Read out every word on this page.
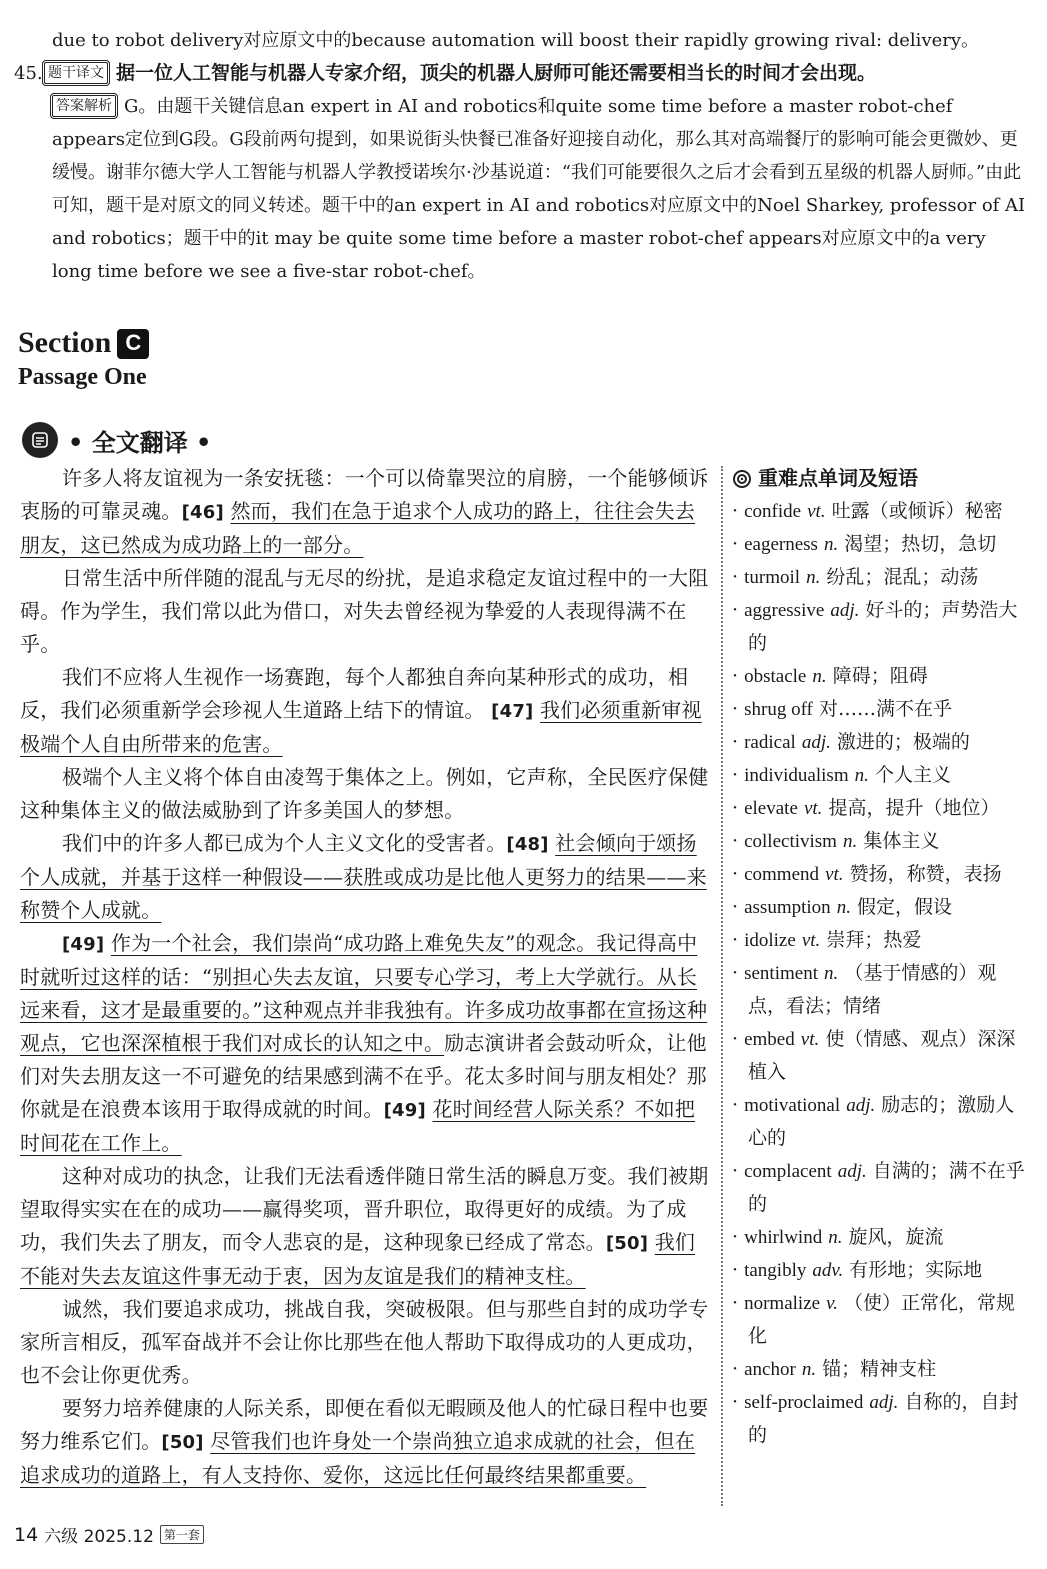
due to robot delivery对应原文中的because automation will boost their rapidly growing rival: delivery。

45. 题干译文 据一位人工智能与机器人专家介绍，顶尖的机器人厨师可能还需要相当长的时间才会出现。

答案解析 G。由题干关键信息an expert in AI and robotics和quite some time before a master robot-chef appears定位到G段。G段前两句提到，如果说街头快餐已准备好迎接自动化，那么其对高端餐厅的影响可能会更微妙、更缓慢。谢菲尔德大学人工智能与机器人学教授诺埃尔·沙基说道：“我们可能要很久之后才会看到五星级的机器人厨师。”由此可知，题干是对原文的同义转述。题干中的an expert in AI and robotics对应原文中的Noel Sharkey, professor of AI and robotics；题干中的it may be quite some time before a master robot-chef appears对应原文中的a very long time before we see a five-star robot-chef。

Section C
Passage One
• 全文翻译 •

许多人将友谊视为一条安抚毯：一个可以倚靠哭泣的肩膀，一个能够倾诉衷肠的可靠灵魂。[46] 然而，我们在急于追求个人成功的路上，往往会失去朋友，这已然成为成功路上的一部分。

日常生活中所伴随的混乱与无尽的纷扰，是追求稳定友谊过程中的一大阻碍。作为学生，我们常以此为借口，对失去曾经视为挚爱的人表现得满不在乎。

我们不应将人生视作一场赛跑，每个人都独自奔向某种形式的成功，相反，我们必须重新学会珍视人生道路上结下的情谊。 [47] 我们必须重新审视极端个人自由所带来的危害。

极端个人主义将个体自由凌驾于集体之上。例如，它声称，全民医疗保健这种集体主义的做法威胁到了许多美国人的梦想。

我们中的许多人都已成为个人主义文化的受害者。[48] 社会倾向于颂扬个人成就，并基于这样一种假设——获胜或成功是比他人更努力的结果——来称赞个人成就。

[49] 作为一个社会，我们崇尚“成功路上难免失友”的观念。我记得高中时就听过这样的话：“别担心失去友谊，只要专心学习，考上大学就行。从长远来看，这才是最重要的。”这种观点并非我独有。许多成功故事都在宣扬这种观点，它也深深植根于我们对成长的认知之中。励志演讲者会鼓动听众，让他们对失去朋友这一不可避免的结果感到满不在乎。花太多时间与朋友相处？那你就是在浪费本该用于取得成就的时间。[49] 花时间经营人际关系？不如把时间花在工作上。

这种对成功的执念，让我们无法看透伴随日常生活的瞬息万变。我们被期望取得实实在在的成功——赢得奖项，晋升职位，取得更好的成绩。为了成功，我们失去了朋友，而令人悲哀的是，这种现象已经成了常态。[50] 我们不能对失去友谊这件事无动于衷，因为友谊是我们的精神支柱。

诚然，我们要追求成功，挑战自我，突破极限。但与那些自封的成功学专家所言相反，孤军奋战并不会让你比那些在他人帮助下取得成功的人更成功，也不会让你更优秀。

要努力培养健康的人际关系，即便在看似无暇顾及他人的忙碌日程中也要努力维系它们。[50] 尽管我们也许身处一个崇尚独立追求成就的社会，但在追求成功的道路上，有人支持你、爱你，这远比任何最终结果都重要。

重难点单词及短语
· confide vt. 吐露（或倾诉）秘密
· eagerness n. 渴望；热切，急切
· turmoil n. 纷乱；混乱；动荡
· aggressive adj. 好斗的；声势浩大的
· obstacle n. 障碍；阻碍
· shrug off 对……满不在乎
· radical adj. 激进的；极端的
· individualism n. 个人主义
· elevate vt. 提高，提升（地位）
· collectivism n. 集体主义
· commend vt. 赞扬，称赞，表扬
· assumption n. 假定，假设
· idolize vt. 崇拜；热爱
· sentiment n. （基于情感的）观点，看法；情绪
· embed vt. 使（情感、观点）深深植入
· motivational adj. 励志的；激励人心的
· complacent adj. 自满的；满不在乎的
· whirlwind n. 旋风，旋流
· tangibly adv. 有形地；实际地
· normalize v. （使）正常化，常规化
· anchor n. 锚；精神支柱
· self-proclaimed adj. 自称的，自封的
14 六级 2025.12 第一套
